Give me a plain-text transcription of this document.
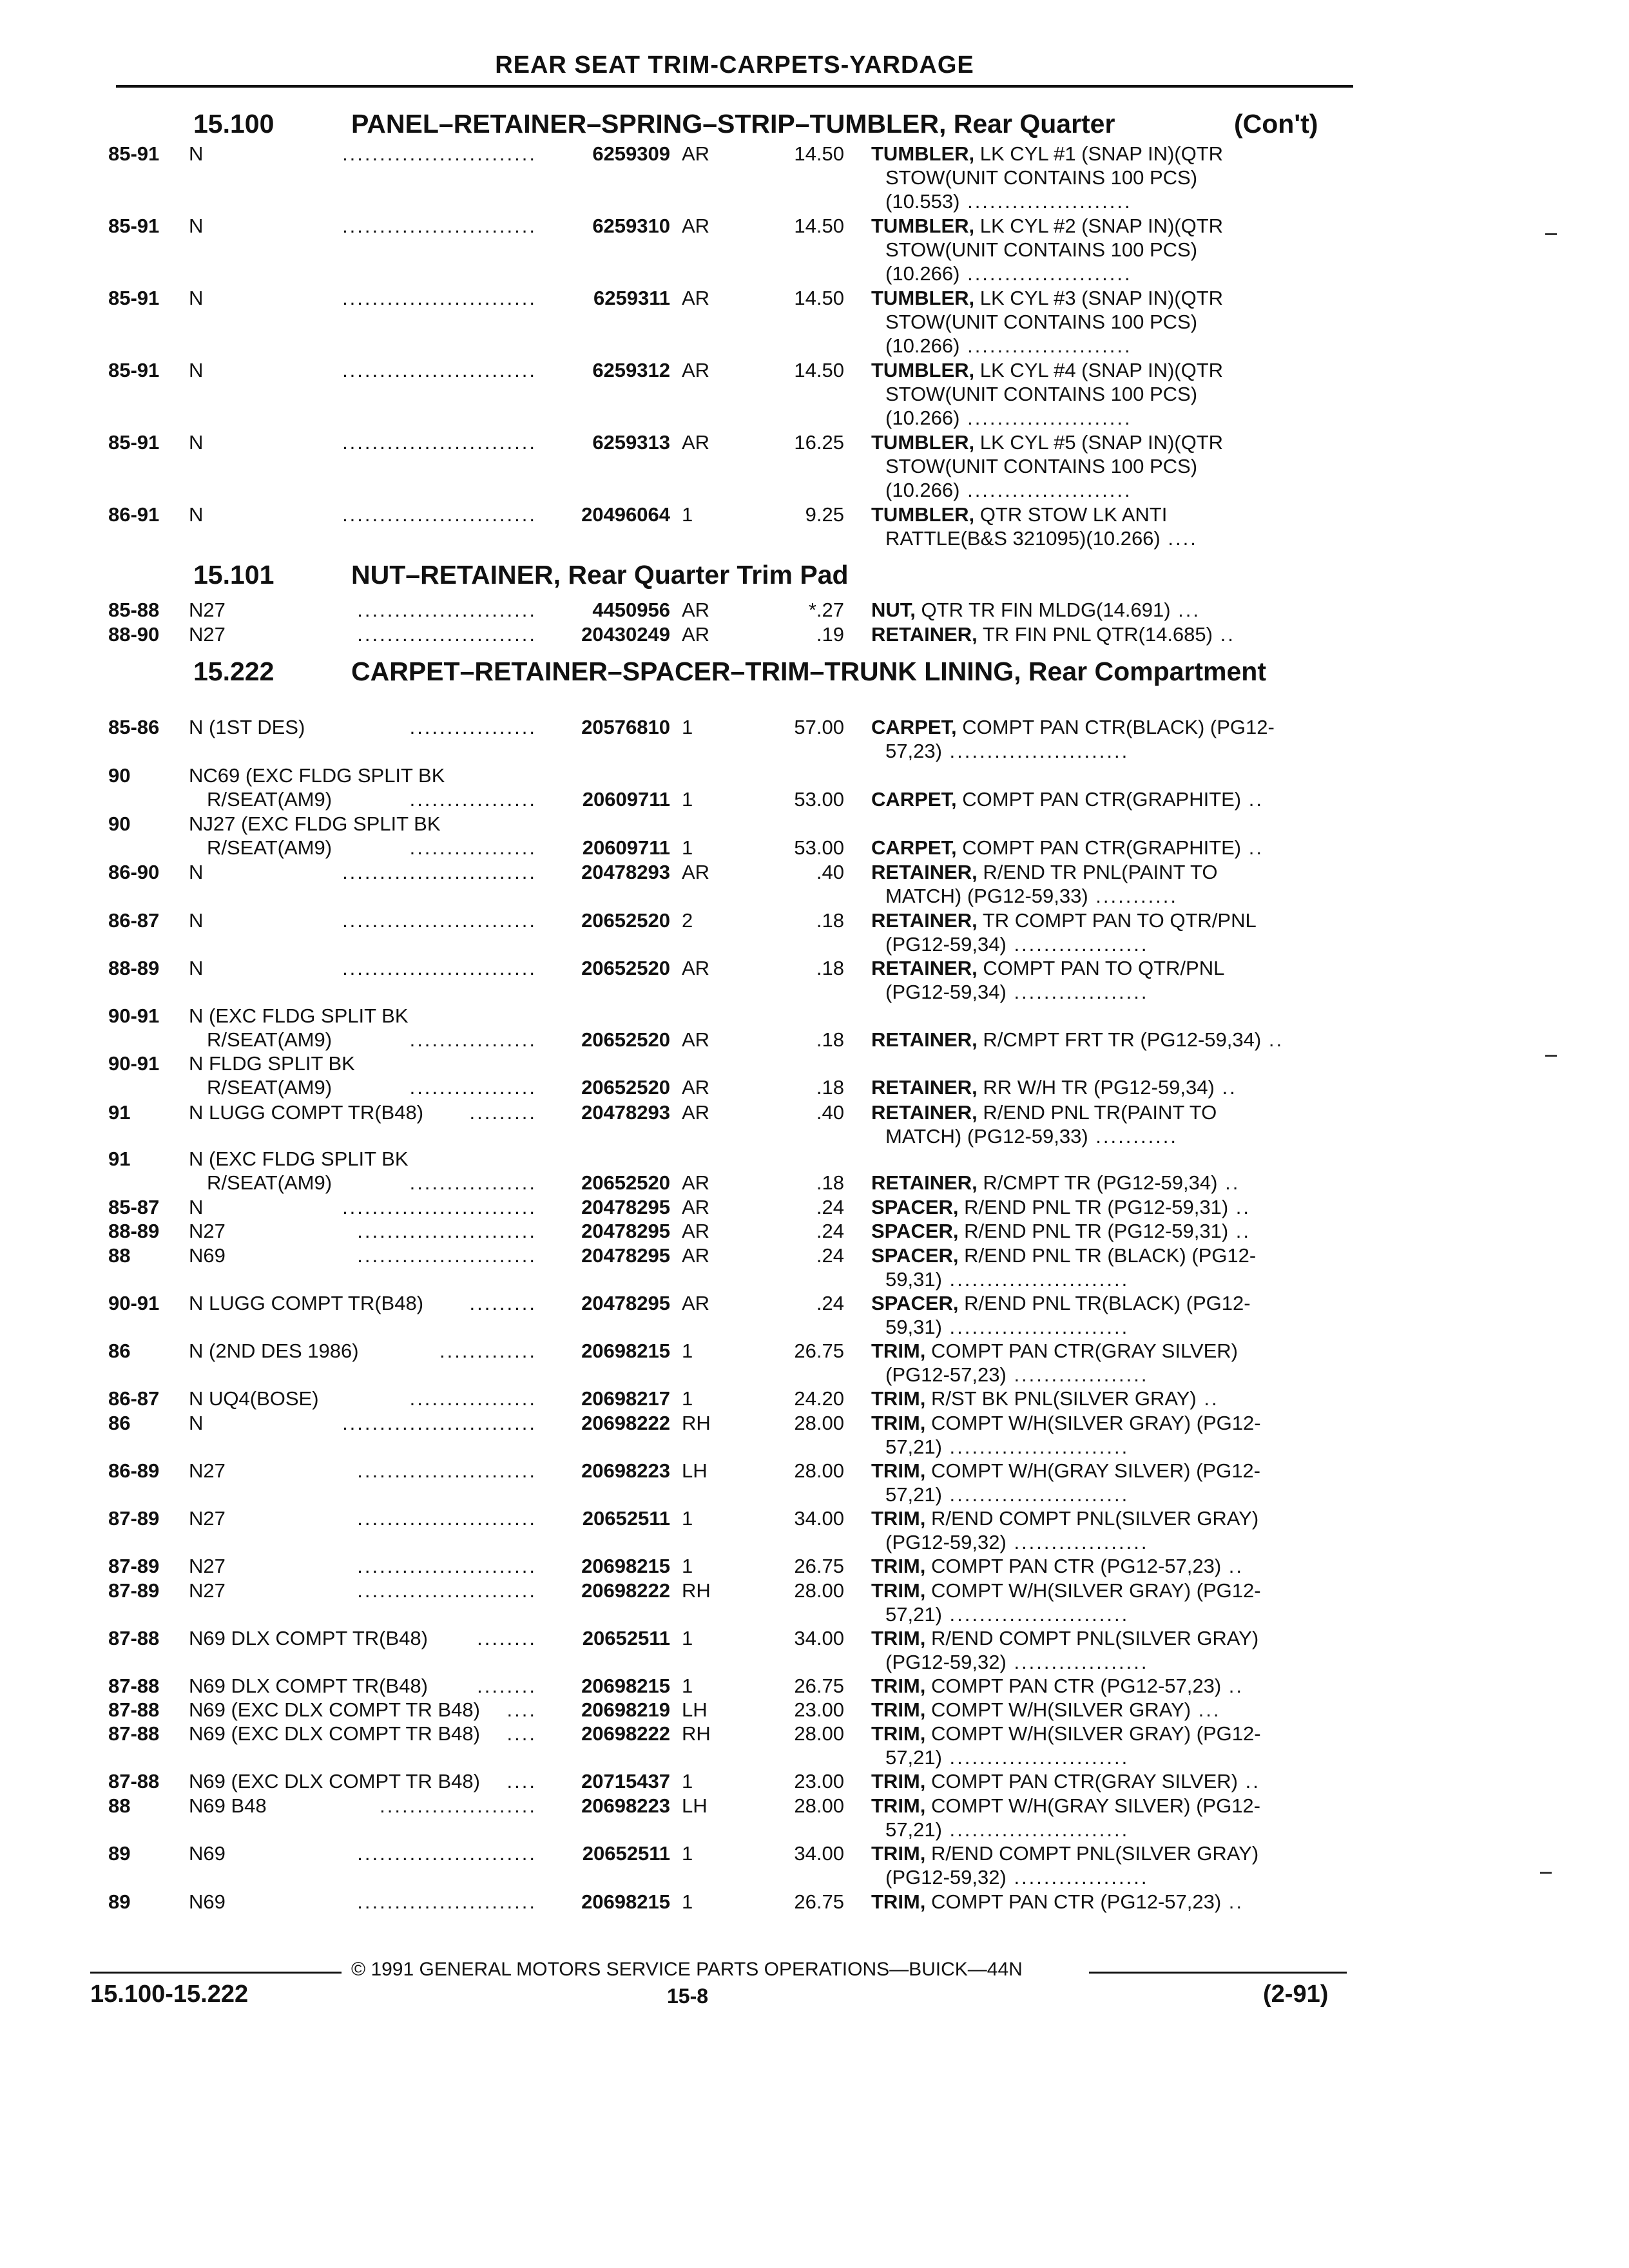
REAR SEAT TRIM-CARPETS-YARDAGE
15.100	PANEL–RETAINER–SPRING–STRIP–TUMBLER, Rear Quarter	(Con't)
15.101	NUT–RETAINER, Rear Quarter Trim Pad
15.222	CARPET–RETAINER–SPACER–TRIM–TRUNK LINING, Rear Compartment
85-91 N	..........................	6259309 AR	14.50 TUMBLER, LK CYL #1 (SNAP IN)(QTR
STOW(UNIT CONTAINS 100 PCS)
(10.553) ......................
85-91 N	..........................	6259310 AR	14.50 TUMBLER, LK CYL #2 (SNAP IN)(QTR
STOW(UNIT CONTAINS 100 PCS)
(10.266) ......................
85-91 N	..........................	6259311 AR	14.50 TUMBLER, LK CYL #3 (SNAP IN)(QTR
STOW(UNIT CONTAINS 100 PCS)
(10.266) ......................
85-91 N	..........................	6259312 AR	14.50 TUMBLER, LK CYL #4 (SNAP IN)(QTR
STOW(UNIT CONTAINS 100 PCS)
(10.266) ......................
85-91 N	..........................	6259313 AR	16.25 TUMBLER, LK CYL #5 (SNAP IN)(QTR
STOW(UNIT CONTAINS 100 PCS)
(10.266) ......................
86-91 N	..........................	20496064 1	9.25 TUMBLER, QTR STOW LK ANTI
RATTLE(B&S 321095)(10.266) ....
85-88 N27	........................	4450956 AR	*.27 NUT, QTR TR FIN MLDG(14.691) ...
88-90 N27	........................	20430249 AR	.19 RETAINER, TR FIN PNL QTR(14.685) ..
85-86 N (1ST DES)	.................	20576810 1	57.00 CARPET, COMPT PAN CTR(BLACK) (PG12-
57,23) ........................
90	NC69 (EXC FLDG SPLIT BK
R/SEAT(AM9)	.................	20609711 1	53.00 CARPET, COMPT PAN CTR(GRAPHITE) ..
90	NJ27 (EXC FLDG SPLIT BK
R/SEAT(AM9)	.................	20609711 1	53.00 CARPET, COMPT PAN CTR(GRAPHITE) ..
86-90 N	..........................	20478293 AR	.40 RETAINER, R/END TR PNL(PAINT TO
MATCH) (PG12-59,33) ...........
86-87 N	..........................	20652520 2	.18 RETAINER, TR COMPT PAN TO QTR/PNL
(PG12-59,34) ..................
88-89 N	..........................	20652520 AR	.18 RETAINER, COMPT PAN TO QTR/PNL
(PG12-59,34) ..................
90-91 N (EXC FLDG SPLIT BK
R/SEAT(AM9)	.................	20652520 AR	.18 RETAINER, R/CMPT FRT TR (PG12-59,34) ..
90-91 N FLDG SPLIT BK
R/SEAT(AM9)	.................	20652520 AR	.18 RETAINER, RR W/H TR (PG12-59,34) ..
91	N LUGG COMPT TR(B48)	.........	20478293 AR	.40 RETAINER, R/END PNL TR(PAINT TO
MATCH) (PG12-59,33) ...........
91	N (EXC FLDG SPLIT BK
R/SEAT(AM9)	.................	20652520 AR	.18 RETAINER, R/CMPT TR (PG12-59,34) ..
85-87 N	..........................	20478295 AR	.24 SPACER, R/END PNL TR (PG12-59,31) ..
88-89 N27	........................	20478295 AR	.24 SPACER, R/END PNL TR (PG12-59,31) ..
88	N69	........................	20478295 AR	.24 SPACER, R/END PNL TR (BLACK) (PG12-
59,31) ........................
90-91 N LUGG COMPT TR(B48)	.........	20478295 AR	.24 SPACER, R/END PNL TR(BLACK) (PG12-
59,31) ........................
86	N (2ND DES 1986)	.............	20698215 1	26.75 TRIM, COMPT PAN CTR(GRAY SILVER)
(PG12-57,23) ..................
86-87 N UQ4(BOSE)	.................	20698217 1	24.20 TRIM, R/ST BK PNL(SILVER GRAY) ..
86	N	..........................	20698222 RH	28.00 TRIM, COMPT W/H(SILVER GRAY) (PG12-
57,21) ........................
86-89 N27	........................	20698223 LH	28.00 TRIM, COMPT W/H(GRAY SILVER) (PG12-
57,21) ........................
87-89 N27	........................	20652511 1	34.00 TRIM, R/END COMPT PNL(SILVER GRAY)
(PG12-59,32) ..................
87-89 N27	........................	20698215 1	26.75 TRIM, COMPT PAN CTR (PG12-57,23) ..
87-89 N27	........................	20698222 RH	28.00 TRIM, COMPT W/H(SILVER GRAY) (PG12-
57,21) ........................
87-88 N69 DLX COMPT TR(B48)	........	20652511 1	34.00 TRIM, R/END COMPT PNL(SILVER GRAY)
(PG12-59,32) ..................
87-88 N69 DLX COMPT TR(B48)	........	20698215 1	26.75 TRIM, COMPT PAN CTR (PG12-57,23) ..
87-88 N69 (EXC DLX COMPT TR B48)	....	20698219 LH	23.00 TRIM, COMPT W/H(SILVER GRAY) ...
87-88 N69 (EXC DLX COMPT TR B48)	....	20698222 RH	28.00 TRIM, COMPT W/H(SILVER GRAY) (PG12-
57,21) ........................
87-88 N69 (EXC DLX COMPT TR B48)	....	20715437 1	23.00 TRIM, COMPT PAN CTR(GRAY SILVER) ..
88	N69 B48	.....................	20698223 LH	28.00 TRIM, COMPT W/H(GRAY SILVER) (PG12-
57,21) ........................
89	N69	........................	20652511 1	34.00 TRIM, R/END COMPT PNL(SILVER GRAY)
(PG12-59,32) ..................
89	N69	........................	20698215 1	26.75 TRIM, COMPT PAN CTR (PG12-57,23) ..
© 1991 GENERAL MOTORS SERVICE PARTS OPERATIONS—BUICK—44N
15.100-15.222	15-8	(2-91)
